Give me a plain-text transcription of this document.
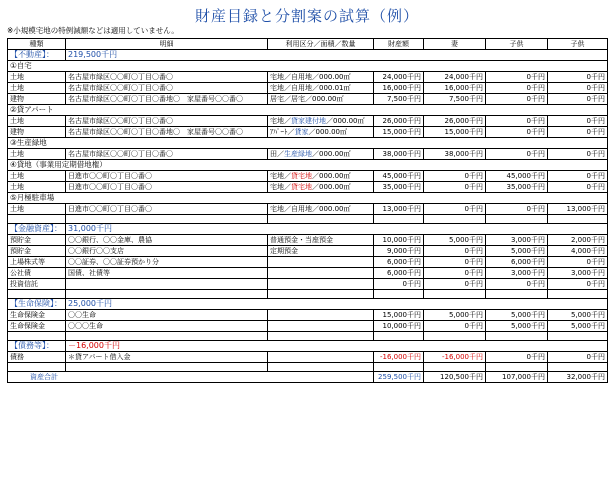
財産目録と分割案の試算（例）
※小規模宅地の特例減額などは適用していません。
種類	明細	利用区分／面積／数量	財産額	妻	子供	子供
【不動産】：	219,500千円					
①自宅						
土地	名古屋市緑区〇〇町〇丁目〇番〇	宅地／自用地／000.00㎡	24,000千円	24,000千円	0千円	0千円
土地	名古屋市緑区〇〇町〇丁目〇番〇	宅地／自用地／000.01㎡	16,000千円	16,000千円	0千円	0千円
建物	名古屋市緑区〇〇町〇丁目〇番地〇　家屋番号〇〇番〇	居宅／居宅／000.00㎡	7,500千円	7,500千円	0千円	0千円
②貸アパート						
土地	名古屋市緑区〇〇町〇丁目〇番〇	宅地／貸家建付地／000.00㎡	26,000千円	26,000千円	0千円	0千円
建物	名古屋市緑区〇〇町〇丁目〇番地〇　家屋番号〇〇番〇	ｱﾊﾟｰﾄ／貸家／000.00㎡	15,000千円	15,000千円	0千円	0千円
③生産緑地						
土地	名古屋市緑区〇〇町〇丁目〇番〇	田／生産緑地／000.00㎡	38,000千円	38,000千円	0千円	0千円
④貸地（事業用定期借地権）						
土地	日進市〇〇町〇丁目〇番〇	宅地／貸宅地／000.00㎡	45,000千円	0千円	45,000千円	0千円
土地	日進市〇〇町〇丁目〇番〇	宅地／貸宅地／000.00㎡	35,000千円	0千円	35,000千円	0千円
⑤月極駐車場						
土地	日進市〇〇町〇丁目〇番〇	宅地／自用地／000.00㎡	13,000千円	0千円	0千円	13,000千円

【金融資産】：	31,000千円					
預貯金	〇〇銀行、〇〇金庫、農協	普通預金・当座預金	10,000千円	5,000千円	3,000千円	2,000千円
預貯金	〇〇銀行〇〇支店	定期預金	9,000千円	0千円	5,000千円	4,000千円
上場株式等	〇〇証券、〇〇証券預かり分		6,000千円	0千円	6,000千円	0千円
公社債	国債、社債等		6,000千円	0千円	3,000千円	3,000千円
投資信託			0千円	0千円	0千円	0千円

【生命保険】：	25,000千円					
生命保険金	〇〇生命		15,000千円	5,000千円	5,000千円	5,000千円
生命保険金	〇〇〇生命		10,000千円	0千円	5,000千円	5,000千円

【債務等】：	－16,000千円					
債務	＊貸アパート借入金		-16,000千円	-16,000千円	0千円	0千円

資産合計			259,500千円	120,500千円	107,000千円	32,000千円
